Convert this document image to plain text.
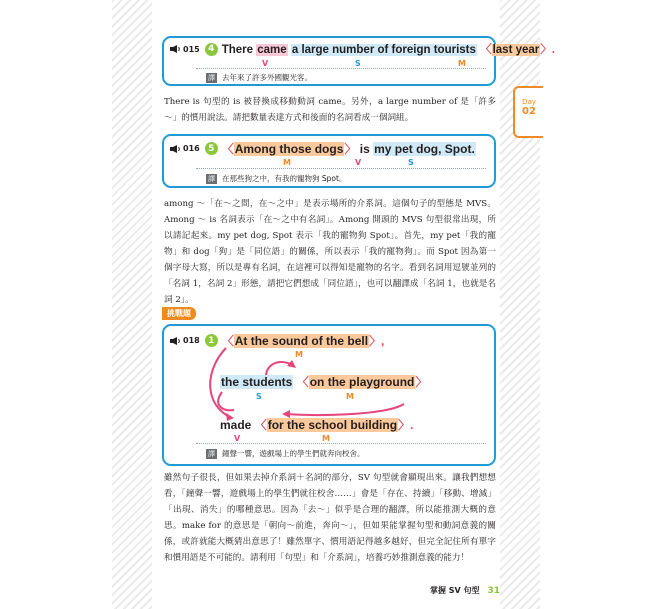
Day
02
015 4 There came a large number of foreign tourists 〈last year〉.
V	S	M
譯 去年來了許多外國觀光客。

There is 句型的 is 被替換成移動動詞 came。另外，a large number of 是「許多～」的慣用說法。請把數量表達方式和後面的名詞看成一個詞組。

016 5 〈Among those dogs〉 is my pet dog, Spot.
M	V	S
譯 在那些狗之中，有我的寵物狗 Spot。

among ～「在～之間，在～之中」是表示場所的介系詞。這個句子的型態是 MVS。Among ～ is 名詞表示「在～之中有名詞」。Among 開頭的 MVS 句型很常出現，所以請記起來。my pet dog, Spot 表示「我的寵物狗 Spot」。首先，my pet「我的寵物」和 dog「狗」是「同位語」的關係，所以表示「我的寵物狗」。而 Spot 因為第一個字母大寫，所以是專有名詞，在這裡可以得知是寵物的名字。看到名詞用逗號並列的「名詞 1，名詞 2」形態，請把它們想成「同位語」，也可以翻譯成「名詞 1，也就是名詞 2」。

挑戰題
018 1 〈At the sound of the bell〉,
M
the students 〈on the playground〉
S	M
made 〈for the school building〉.
V	M
譯 鐘聲一響，遊戲場上的學生們就奔向校舍。

雖然句子很長，但如果去掉介系詞＋名詞的部分，SV 句型就會顯現出來。讓我們想想看，「鐘聲一響，遊戲場上的學生們就往校舍……」會是「存在、持續」「移動、增減」「出現、消失」的哪種意思。因為「去～」似乎是合理的翻譯，所以能推測大概的意思。make for 的意思是「朝向～前進，奔向～」，但如果能掌握句型和動詞意義的關係，或許就能大概猜出意思了！雖然單字、慣用語記得越多越好，但完全記住所有單字和慣用語是不可能的。請利用「句型」和「介系詞」，培養巧妙推測意義的能力！

掌握 SV 句型 31
